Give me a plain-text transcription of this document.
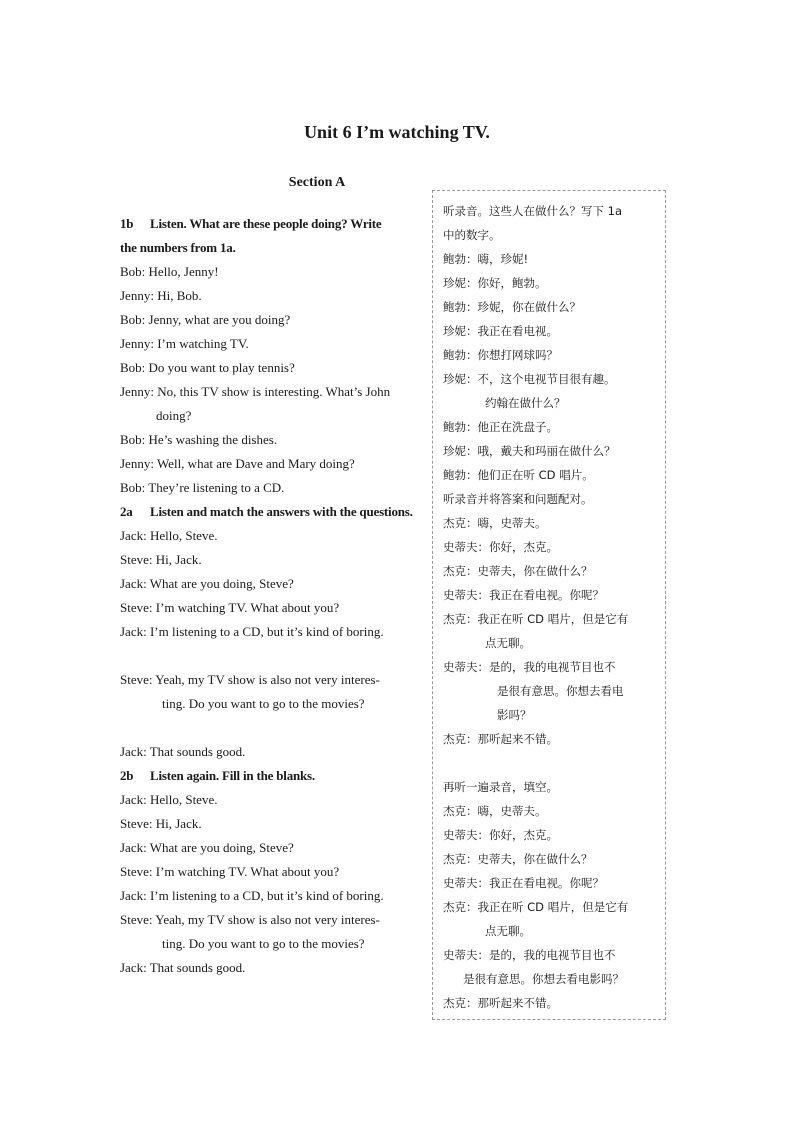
Unit 6 I’m watching TV.
Section A
1b Listen. What are these people doing? Write
the numbers from 1a.
Bob: Hello, Jenny!
Jenny: Hi, Bob.
Bob: Jenny, what are you doing?
Jenny: I’m watching TV.
Bob: Do you want to play tennis?
Jenny: No, this TV show is interesting. What’s John
doing?
Bob: He’s washing the dishes.
Jenny: Well, what are Dave and Mary doing?
Bob: They’re listening to a CD.
2a Listen and match the answers with the questions.
Jack: Hello, Steve.
Steve: Hi, Jack.
Jack: What are you doing, Steve?
Steve: I’m watching TV. What about you?
Jack: I’m listening to a CD, but it’s kind of boring.
Steve: Yeah, my TV show is also not very interes-
ting. Do you want to go to the movies?
Jack: That sounds good.
2b Listen again. Fill in the blanks.
Jack: Hello, Steve.
Steve: Hi, Jack.
Jack: What are you doing, Steve?
Steve: I’m watching TV. What about you?
Jack: I’m listening to a CD, but it’s kind of boring.
Steve: Yeah, my TV show is also not very interes-
ting. Do you want to go to the movies?
Jack: That sounds good.
听录音。这些人在做什么？写下 1a
中的数字。
鲍勃：嗨，珍妮!
珍妮：你好，鲍勃。
鲍勃：珍妮，你在做什么？
珍妮：我正在看电视。
鲍勃：你想打网球吗？
珍妮：不，这个电视节目很有趣。
约翰在做什么？
鲍勃：他正在洗盘子。
珍妮：哦，戴夫和玛丽在做什么？
鲍勃：他们正在听 CD 唱片。
听录音并将答案和问题配对。
杰克：嗨，史蒂夫。
史蒂夫：你好，杰克。
杰克：史蒂夫，你在做什么？
史蒂夫：我正在看电视。你呢？
杰克：我正在听 CD 唱片，但是它有
点无聊。
史蒂夫：是的，我的电视节目也不
是很有意思。你想去看电
影吗？
杰克：那听起来不错。
再听一遍录音，填空。
杰克：嗨，史蒂夫。
史蒂夫：你好，杰克。
杰克：史蒂夫，你在做什么？
史蒂夫：我正在看电视。你呢？
杰克：我正在听 CD 唱片，但是它有
点无聊。
史蒂夫：是的，我的电视节目也不
是很有意思。你想去看电影吗？
杰克：那听起来不错。
